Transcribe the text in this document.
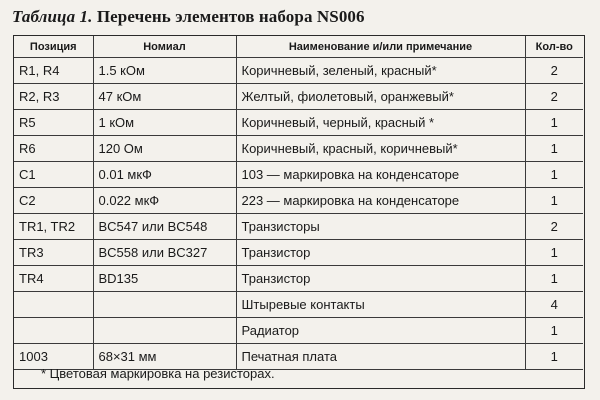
Таблица 1. Перечень элементов набора NS006
Позиция	Номиал	Наименование и/или примечание	Кол-во
R1, R4	1.5 кОм	Коричневый, зеленый, красный*	2
R2, R3	47 кОм	Желтый, фиолетовый, оранжевый*	2
R5	1 кОм	Коричневый, черный, красный *	1
R6	120 Ом	Коричневый, красный, коричневый*	1
C1	0.01 мкФ	103 — маркировка на конденсаторе	1
C2	0.022 мкФ	223 — маркировка на конденсаторе	1
TR1, TR2	BC547 или BC548	Транзисторы	2
TR3	BC558 или BC327	Транзистор	1
TR4	BD135	Транзистор	1
		Штыревые контакты	4
		Радиатор	1
1003	68×31 мм	Печатная плата	1
* Цветовая маркировка на резисторах.
